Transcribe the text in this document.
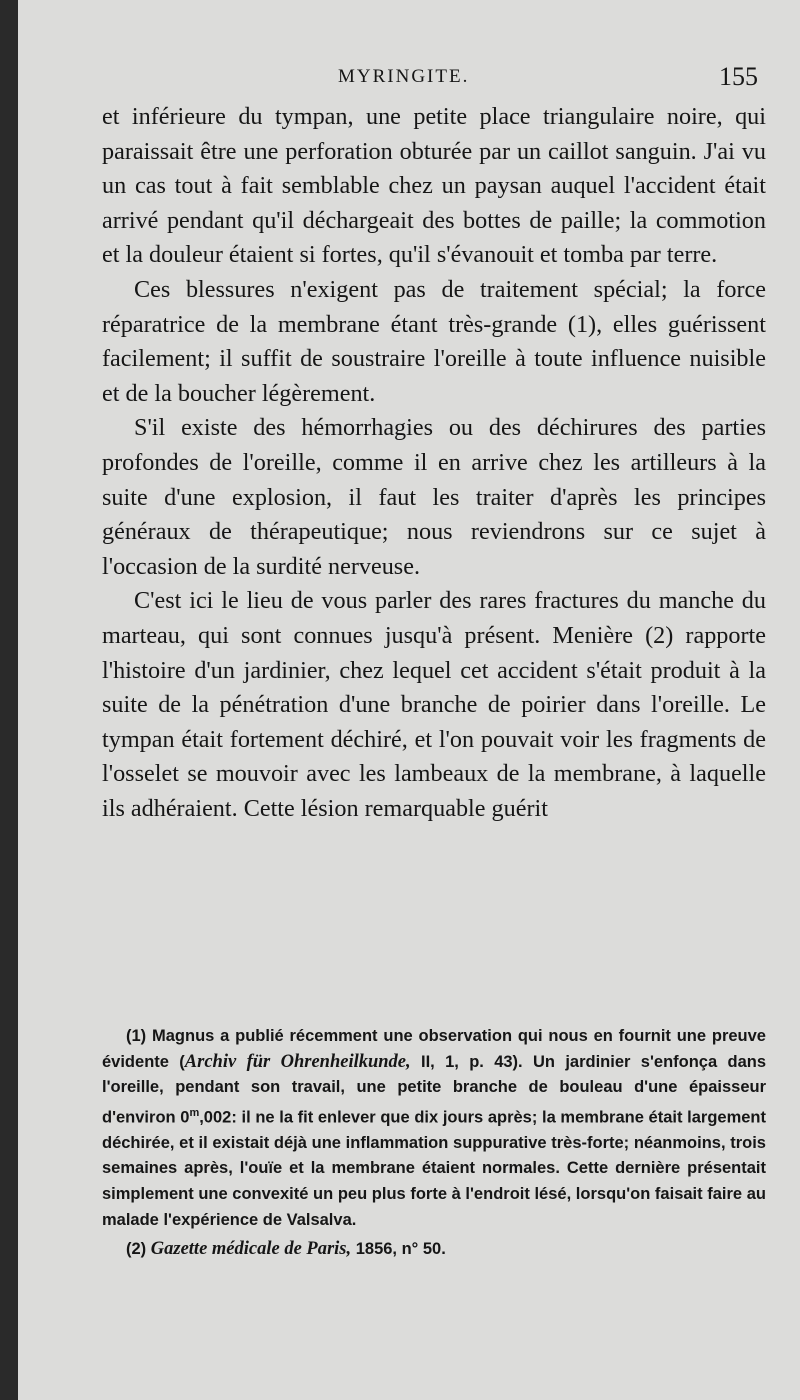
MYRINGITE.	155

et inférieure du tympan, une petite place triangulaire noire, qui paraissait être une perforation obturée par un caillot sanguin. J'ai vu un cas tout à fait semblable chez un paysan auquel l'accident était arrivé pendant qu'il déchargeait des bottes de paille; la commotion et la douleur étaient si fortes, qu'il s'évanouit et tomba par terre.

Ces blessures n'exigent pas de traitement spécial; la force réparatrice de la membrane étant très-grande (1), elles guérissent facilement; il suffit de soustraire l'oreille à toute influence nuisible et de la boucher légèrement.

S'il existe des hémorrhagies ou des déchirures des parties profondes de l'oreille, comme il en arrive chez les artilleurs à la suite d'une explosion, il faut les traiter d'après les principes généraux de thérapeutique; nous reviendrons sur ce sujet à l'occasion de la surdité nerveuse.

C'est ici le lieu de vous parler des rares fractures du manche du marteau, qui sont connues jusqu'à présent. Menière (2) rapporte l'histoire d'un jardinier, chez lequel cet accident s'était produit à la suite de la pénétration d'une branche de poirier dans l'oreille. Le tympan était fortement déchiré, et l'on pouvait voir les fragments de l'osselet se mouvoir avec les lambeaux de la membrane, à laquelle ils adhéraient. Cette lésion remarquable guérit

(1) Magnus a publié récemment une observation qui nous en fournit une preuve évidente (Archiv für Ohrenheilkunde, II, 1, p. 43). Un jardinier s'enfonça dans l'oreille, pendant son travail, une petite branche de bouleau d'une épaisseur d'environ 0$^m$,002: il ne la fit enlever que dix jours après; la membrane était largement déchirée, et il existait déjà une inflammation suppurative très-forte; néanmoins, trois semaines après, l'ouïe et la membrane étaient normales. Cette dernière présentait simplement une convexité un peu plus forte à l'endroit lésé, lorsqu'on faisait faire au malade l'expérience de Valsalva.

(2) Gazette médicale de Paris, 1856, n° 50.
